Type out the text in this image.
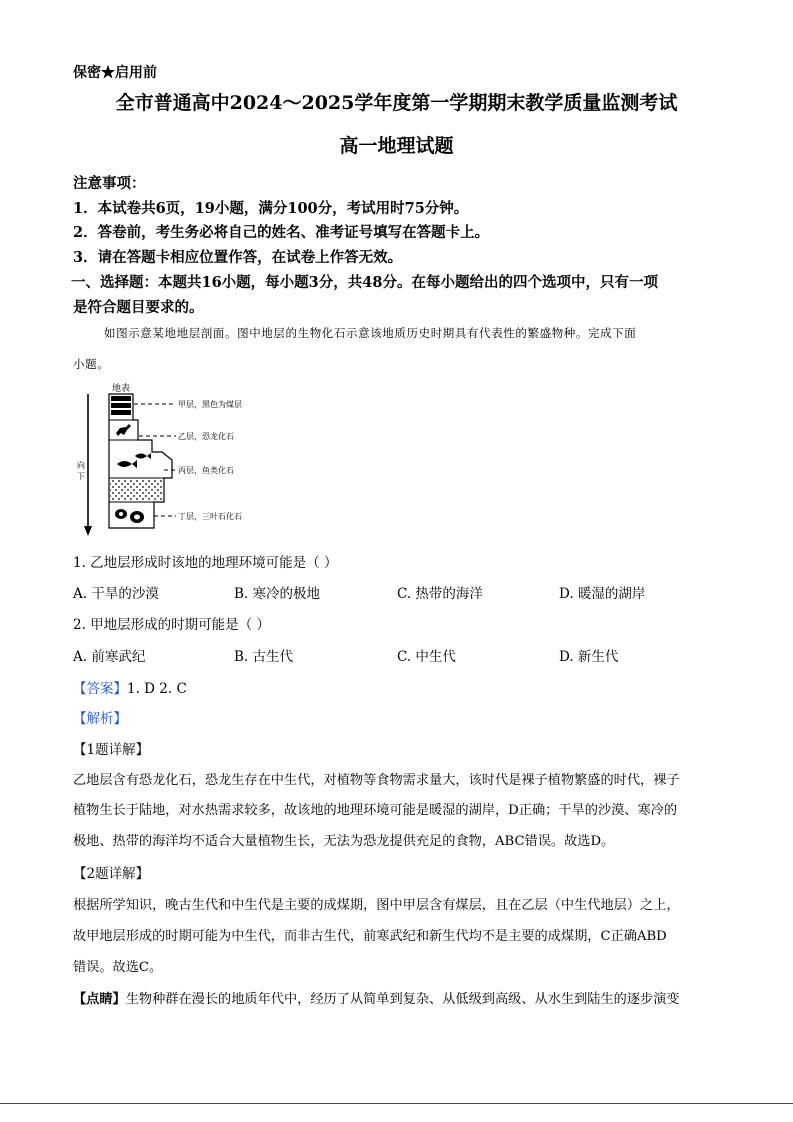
保密★启用前
全市普通高中2024～2025学年度第一学期期末教学质量监测考试
高一地理试题
注意事项：
1．本试卷共6页，19小题，满分100分，考试用时75分钟。
2．答卷前，考生务必将自己的姓名、准考证号填写在答题卡上。
3．请在答题卡相应位置作答，在试卷上作答无效。
一、选择题：本题共16小题，每小题3分，共48分。在每小题给出的四个选项中，只有一项
是符合题目要求的。
如图示意某地地层剖面。图中地层的生物化石示意该地质历史时期具有代表性的繁盛物种。完成下面
小题。
地表
向
下
甲层，黑色为煤层
乙层，恐龙化石
丙层，鱼类化石
丁层，三叶石化石
1. 乙地层形成时该地的地理环境可能是（ ）
A. 干旱的沙漠	B. 寒冷的极地	C. 热带的海洋	D. 暖湿的湖岸
2. 甲地层形成的时期可能是（ ）
A. 前寒武纪	B. 古生代	C. 中生代	D. 新生代
【答案】1. D 2. C
【解析】
【1题详解】
乙地层含有恐龙化石，恐龙生存在中生代，对植物等食物需求量大，该时代是裸子植物繁盛的时代，裸子
植物生长于陆地，对水热需求较多，故该地的地理环境可能是暖湿的湖岸，D正确；干旱的沙漠、寒冷的
极地、热带的海洋均不适合大量植物生长，无法为恐龙提供充足的食物，ABC错误。故选D。
【2题详解】
根据所学知识，晚古生代和中生代是主要的成煤期，图中甲层含有煤层，且在乙层（中生代地层）之上，
故甲地层形成的时期可能为中生代，而非古生代，前寒武纪和新生代均不是主要的成煤期，C正确ABD
错误。故选C。
【点睛】生物种群在漫长的地质年代中，经历了从简单到复杂、从低级到高级、从水生到陆生的逐步演变
